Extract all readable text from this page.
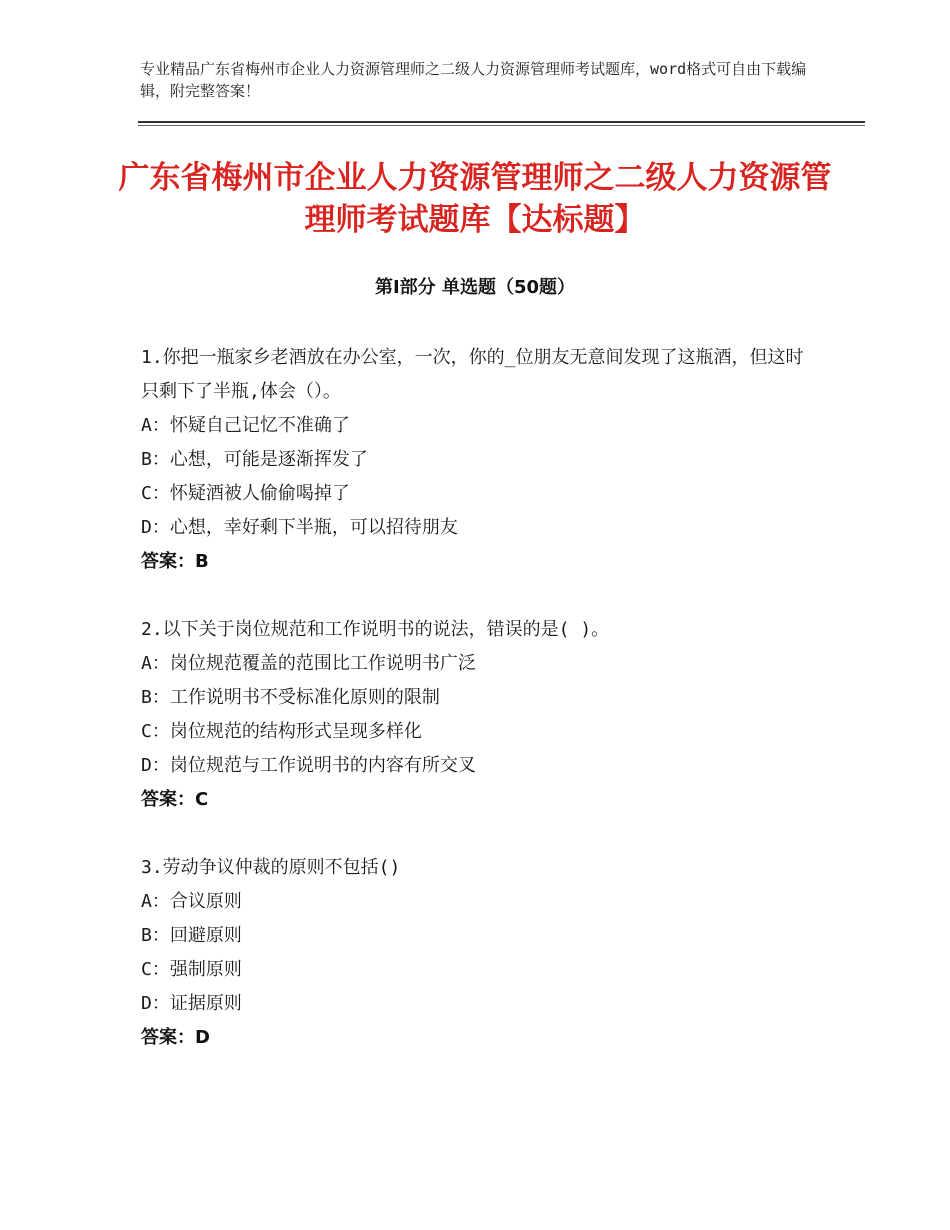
专业精品广东省梅州市企业人力资源管理师之二级人力资源管理师考试题库，word格式可自由下载编辑，附完整答案！
广东省梅州市企业人力资源管理师之二级人力资源管理师考试题库【达标题】
第Ⅰ部分 单选题（50题）
1.你把一瓶家乡老酒放在办公室，一次，你的_位朋友无意间发现了这瓶酒，但这时只剩下了半瓶,体会（）。
A：怀疑自己记忆不准确了
B：心想，可能是逐渐挥发了
C：怀疑酒被人偷偷喝掉了
D：心想，幸好剩下半瓶，可以招待朋友
答案：B
2.以下关于岗位规范和工作说明书的说法，错误的是( )。
A：岗位规范覆盖的范围比工作说明书广泛
B：工作说明书不受标准化原则的限制
C：岗位规范的结构形式呈现多样化
D：岗位规范与工作说明书的内容有所交叉
答案：C
3.劳动争议仲裁的原则不包括()
A：合议原则
B：回避原则
C：强制原则
D：证据原则
答案：D
